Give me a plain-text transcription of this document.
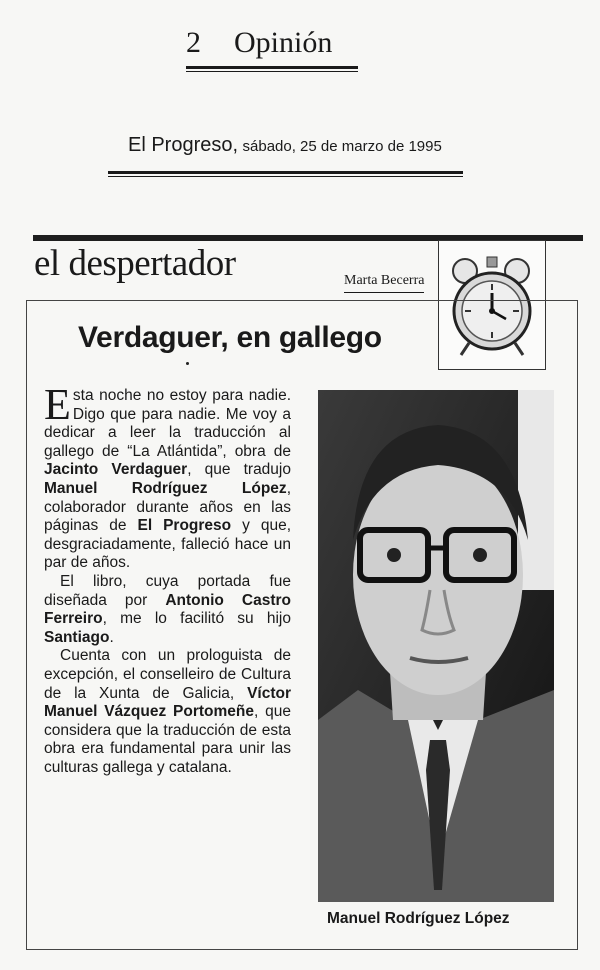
2 Opinión
El Progreso, sábado, 25 de marzo de 1995
el despertador	Marta Becerra
Verdaguer, en gallego

Esta noche no estoy para nadie. Digo que para nadie. Me voy a dedicar a leer la traducción al gallego de “La Atlántida”, obra de Jacinto Verdaguer, que tradujo Manuel Rodríguez López, colaborador durante años en las páginas de El Progreso y que, desgraciadamente, falleció hace un par de años.

El libro, cuya portada fue diseñada por Antonio Castro Ferreiro, me lo facilitó su hijo Santiago.

Cuenta con un prologuista de excepción, el conselleiro de Cultura de la Xunta de Galicia, Víctor Manuel Vázquez Portomeñe, que considera que la traducción de esta obra era fundamental para unir las culturas gallega y catalana.

Manuel Rodríguez López
